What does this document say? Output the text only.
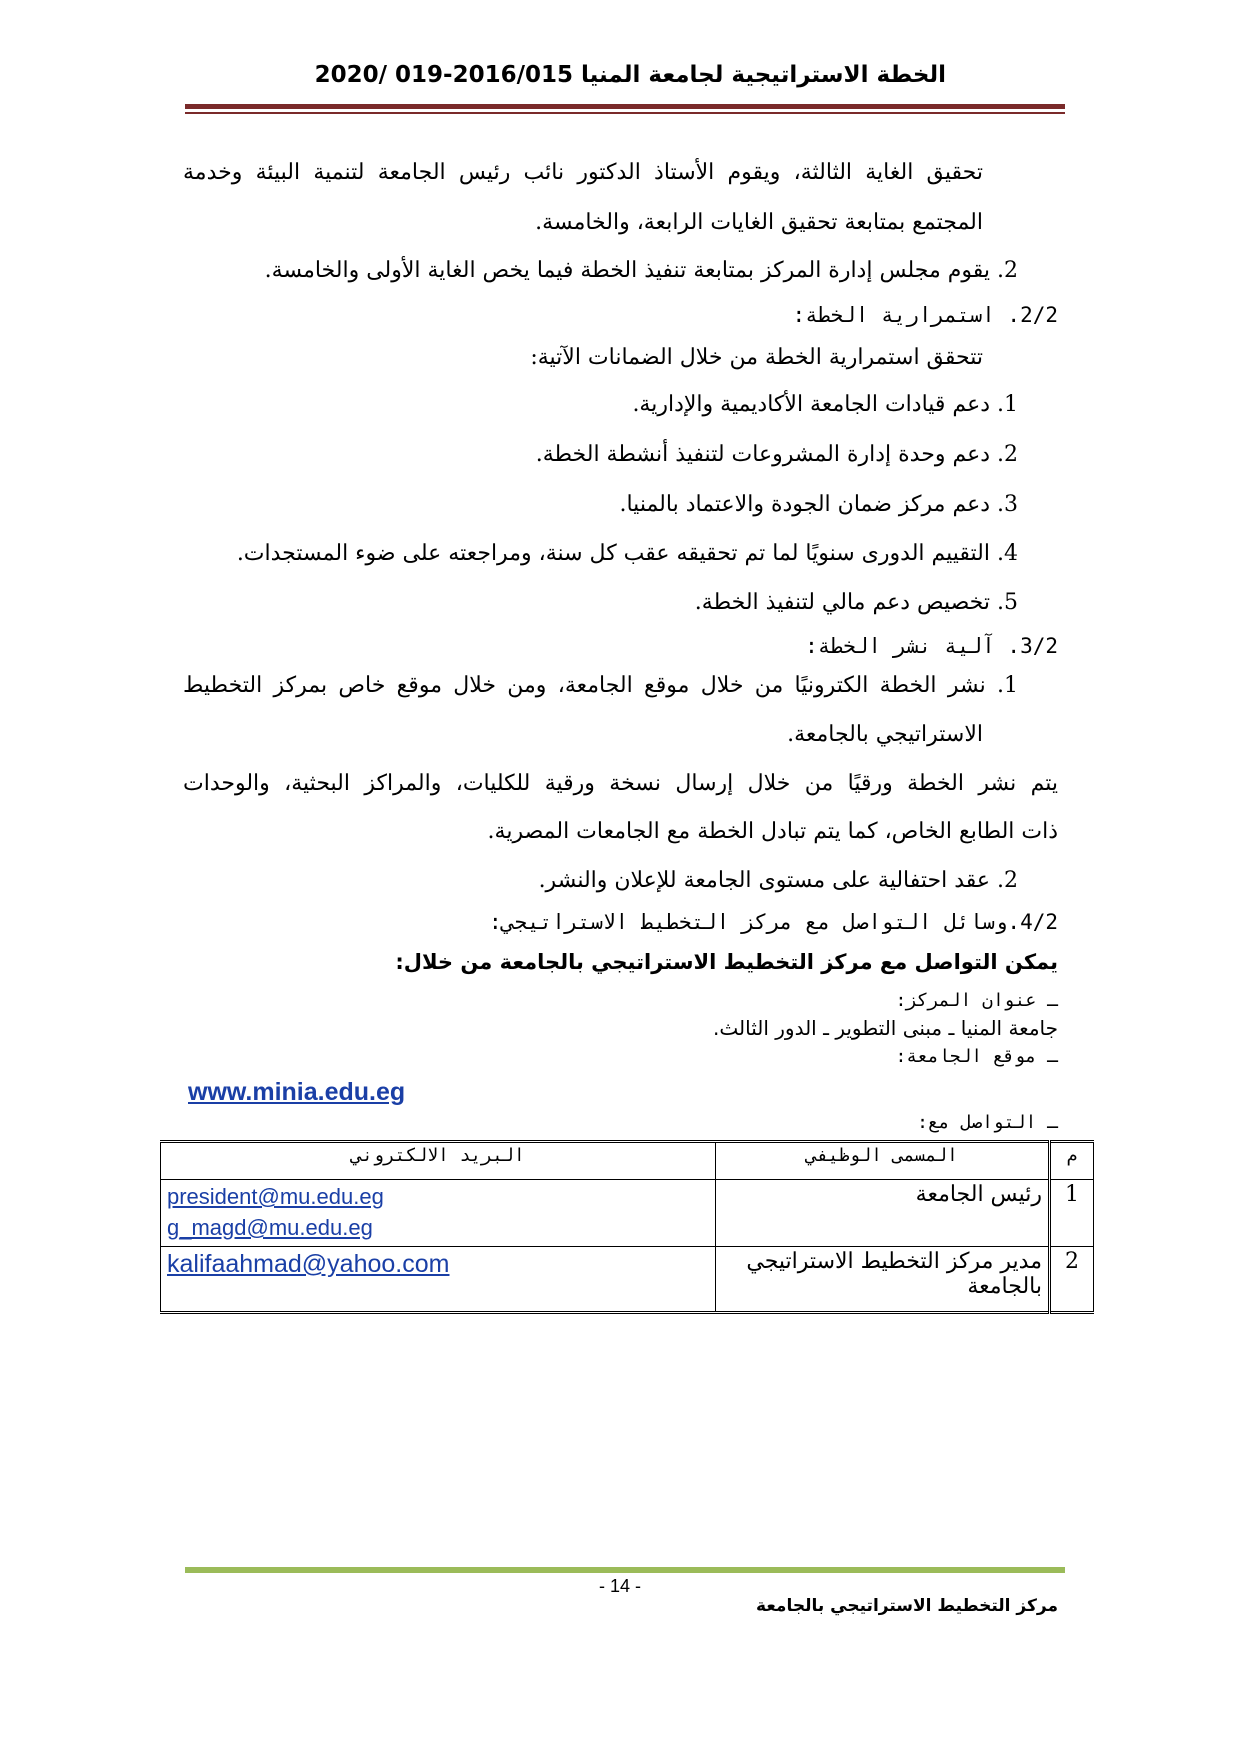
الخطة الاستراتيجية لجامعة المنيا 2016/015-019 /2020
تحقيق الغاية الثالثة، ويقوم الأستاذ الدكتور نائب رئيس الجامعة لتنمية البيئة وخدمة
المجتمع بمتابعة تحقيق الغايات الرابعة، والخامسة.
2. يقوم مجلس إدارة المركز بمتابعة تنفيذ الخطة فيما يخص الغاية الأولى والخامسة.
2/2. استمرارية الخطة:
تتحقق استمرارية الخطة من خلال الضمانات الآتية:
1. دعم قيادات الجامعة الأكاديمية والإدارية.
2. دعم وحدة إدارة المشروعات لتنفيذ أنشطة الخطة.
3. دعم مركز ضمان الجودة والاعتماد بالمنيا.
4. التقييم الدورى سنويًا لما تم تحقيقه عقب كل سنة، ومراجعته على ضوء المستجدات.
5. تخصيص دعم مالي لتنفيذ الخطة.
3/2. آلية نشر الخطة:
1. نشر الخطة الكترونيًا من خلال موقع الجامعة، ومن خلال موقع خاص بمركز التخطيط
الاستراتيجي بالجامعة.
يتم نشر الخطة ورقيًا من خلال إرسال نسخة ورقية للكليات، والمراكز البحثية، والوحدات
ذات الطابع الخاص، كما يتم تبادل الخطة مع الجامعات المصرية.
2. عقد احتفالية على مستوى الجامعة للإعلان والنشر.
4/2.وسائل التواصل مع مركز التخطيط الاستراتيجي:
يمكن التواصل مع مركز التخطيط الاستراتيجي بالجامعة من خلال:
ـ عنوان المركز:
جامعة المنيا ـ مبنى التطوير ـ الدور الثالث.
ـ موقع الجامعة:
www.minia.edu.eg
ـ التواصل مع:
م	المسمى الوظيفي	البريد الالكتروني
1	رئيس الجامعة	president@mu.edu.eg
g_magd@mu.edu.eg
2	مدير مركز التخطيط الاستراتيجي بالجامعة	kalifaahmad@yahoo.com
- 14 -
مركز التخطيط الاستراتيجي بالجامعة
